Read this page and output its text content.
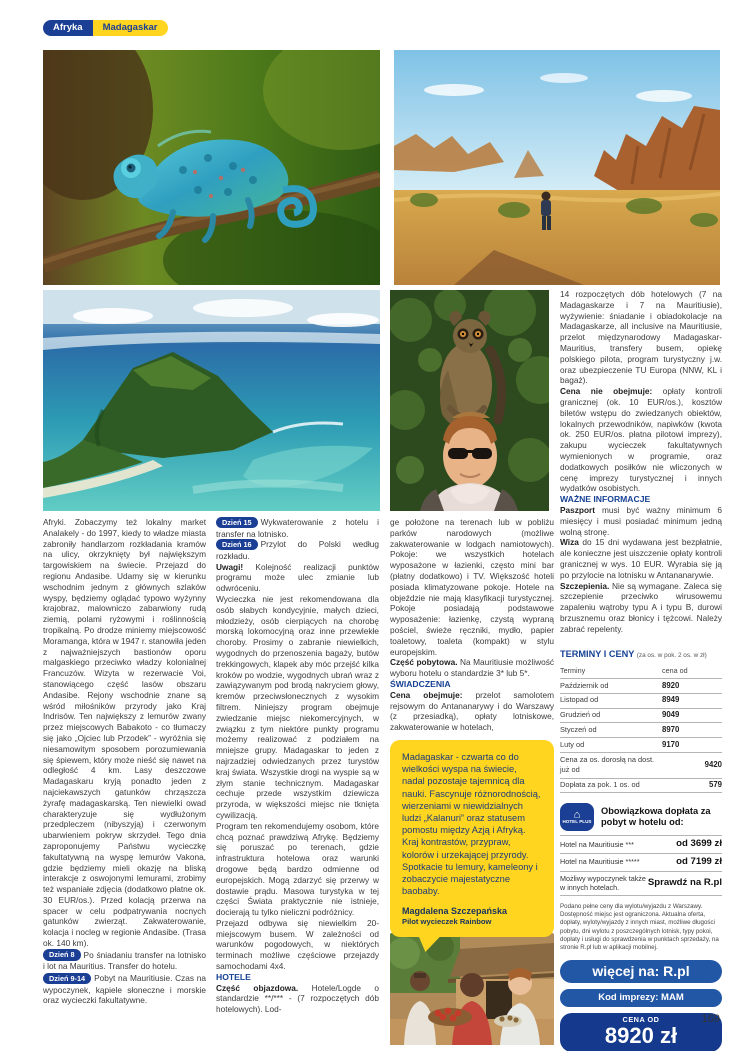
Afryka	Madagaskar

Afryki. Zobaczymy też lokalny market Analakely - do 1997, kiedy to władze miasta zabroniły handlarzom rozkładania kramów na ulicy, okrzyknięty był największym targowiskiem na świecie. Przejazd do regionu Andasibe. Udamy się w kierunku wschodnim jednym z głównych szlaków wyspy, będziemy oglądać typowo wyżynny krajobraz, malowniczo zabarwiony rudą ziemią, polami ryżowymi i roślinnością tropikalną. Po drodze miniemy miejscowość Moramanga, która w 1947 r. stanowiła jeden z najważniejszych bastionów oporu malgaskiego przeciwko władzy kolonialnej Francuzów. Wizyta w rezerwacie Voi, stanowiącego część lasów obszaru Andasibe. Rejony wschodnie znane są wśród miłośników przyrody jako Kraj Indrisów. Ten największy z lemurów zwany przez miejscowych Babakoto - co tłumaczy się jako „Ojciec lub Przodek” - wyróżnia się niesamowitym sposobem porozumiewania się śpiewem, który może nieść się nawet na odległość 4 km. Lasy deszczowe Madagaskaru kryją ponadto jeden z najciekawszych gatunków chrząszcza żyrafę madagaskarską. Ten niewielki owad charakteryzuje się wydłużonym przedpleczem (nibyszyją) i czerwonym ubarwieniem pokryw skrzydeł. Tego dnia zaproponujemy Państwu wycieczkę fakultatywną na wyspę lemurów Vakona, gdzie będziemy mieli okazję na bliską interakcje z oswojonymi lemurami, zrobimy też wspaniałe zdjęcia (dodatkowo płatne ok. 30 EUR/os.). Przed kolacją przerwa na spacer w celu podpatrywania nocnych gatunków zwierząt. Zakwaterowanie, kolacja i nocleg w regionie Andasibe. (Trasa ok. 140 km).

Dzień 8 Po śniadaniu transfer na lotnisko i lot na Mauritius. Transfer do hotelu.

Dzień 9-14 Pobyt na Mauritiusie. Czas na wypoczynek, kąpiele słoneczne i morskie oraz wycieczki fakultatywne.

Dzień 15 Wykwaterowanie z hotelu i transfer na lotnisko.

Dzień 16 Przylot do Polski według rozkładu.

Uwagi! Kolejność realizacji punktów programu może ulec zmianie lub odwróceniu.

Wycieczka nie jest rekomendowana dla osób słabych kondycyjnie, małych dzieci, młodzieży, osób cierpiących na chorobę morską lokomocyjną oraz inne przewlekłe choroby. Prosimy o zabranie niewielkich, wygodnych do przenoszenia bagaży, butów trekkingowych, klapek aby móc przejść kilka kroków po wodzie, wygodnych ubrań wraz z zawiązywanym pod brodą nakryciem głowy, kremów przeciwsłonecznych z wysokim filtrem. Niniejszy program obejmuje zwiedzanie miejsc niekomercyjnych, w związku z tym niektóre punkty programu możemy realizować z podziałem na mniejsze grupy. Madagaskar to jeden z najrzadziej odwiedzanych przez turystów kraj świata. Wszystkie drogi na wyspie są w złym stanie technicznym. Madagaskar cechuje przede wszystkim dziewicza przyroda, w większości miejsc nie tknięta cywilizacją.

Program ten rekomendujemy osobom, które chcą poznać prawdziwą Afrykę. Będziemy się poruszać po terenach, gdzie infrastruktura hotelowa oraz warunki drogowe będą bardzo odmienne od europejskich. Mogą zdarzyć się przerwy w dostawie prądu. Masowa turystyka w tej części Świata praktycznie nie istnieje, docierają tu tylko nieliczni podróżnicy.

Przejazd odbywa się niewielkim 20-miejscowym busem. W zależności od warunków pogodowych, w niektórych terminach możliwe częściowe przejazdy samochodami 4x4.

HOTELE

Część objazdowa. Hotele/Logde o standardzie **/*** - (7 rozpoczętych dób hotelowych). Lod-

ge położone na terenach lub w pobliżu parków narodowych (możliwe zakwaterowanie w lodgach namiotowych). Pokoje: we wszystkich hotelach wyposażone w łazienki, często mini bar (płatny dodatkowo) i TV. Większość hoteli posiada klimatyzowane pokoje. Hotele na objeździe nie mają klasyfikacji turystycznej. Pokoje posiadają podstawowe wyposażenie: łazienkę, czystą wypraną pościel, świeże ręczniki, mydło, papier toaletowy, toaleta (kompakt) w stylu europejskim.

Część pobytowa. Na Mauritiusie możliwość wyboru hotelu o standardzie 3* lub 5*.

ŚWIADCZENIA

Cena obejmuje: przelot samolotem rejsowym do Antananarywy i do Warszawy (z przesiadką), opłaty lotniskowe, zakwaterowanie w hotelach,

Madagaskar - czwarta co do wielkości wyspa na świecie, nadal pozostaje tajemnicą dla nauki. Fascynuje różnorodnością, wierzeniami w niewidzialnych ludzi „Kalanuri” oraz statusem pomostu między Azją i Afryką. Kraj kontrastów, przypraw, kolorów i urzekającej przyrody. Spotkacie tu lemury, kameleony i zobaczycie majestatyczne baobaby.
Magdalena Szczepańska
Pilot wycieczek Rainbow

14 rozpoczętych dób hotelowych (7 na Madagaskarze i 7 na Mauritiusie), wyżywienie: śniadanie i obiadokolacje na Madagaskarze, all inclusive na Mauritiusie, przelot międzynarodowy Madagaskar-Mauritius, transfery busem, opiekę polskiego pilota, program turystyczny j.w. oraz ubezpieczenie TU Europa (NNW, KL i bagaż).

Cena nie obejmuje: opłaty kontroli granicznej (ok. 10 EUR/os.), kosztów biletów wstępu do zwiedzanych obiektów, lokalnych przewodników, napiwków (kwota ok. 250 EUR/os. płatna pilotowi imprezy), zakupu wycieczek fakultatywnych wymienionych w programie, oraz dodatkowych posiłków nie wliczonych w cenę imprezy turystycznej i innych wydatków osobistych.

WAŻNE INFORMACJE

Paszport musi być ważny minimum 6 miesięcy i musi posiadać minimum jedną wolną stronę.

Wiza do 15 dni wydawana jest bezpłatnie, ale konieczne jest uiszczenie opłaty kontroli granicznej w wys. 10 EUR. Wyrabia się ją po przylocie na lotnisku w Antananarywie.

Szczepienia. Nie są wymagane. Zaleca się szczepienie przeciwko wirusowemu zapaleniu wątroby typu A i typu B, durowi brzusznemu oraz błonicy i tężcowi. Należy zabrać repelenty.

TERMINY I CENY (za os. w pok. 2 os. w zł)
Terminy	cena od
Październik od	8920
Listopad od	8949
Grudzień od	9049
Styczeń od	8970
Luty od	9170
Cena za os. dorosłą na dost. już od	9420
Dopłata za pok. 1 os. od	579
⌂
HOTEL PLUS
Obowiązkowa dopłata za pobyt w hotelu od:
Hotel na Mauritiusie ***	od 3699 zł
Hotel na Mauritiusie *****	od 7199 zł
Możliwy wypoczynek także w innych hotelach.	Sprawdź na R.pl
Podano pełne ceny dla wylotu/wyjazdu z Warszawy. Dostępność miejsc jest ograniczona. Aktualna oferta, dopłaty, wyloty/wyjazdy z innych miast, możliwe długości pobytu, dni wylotu z poszczególnych lotnisk, typy pokoi, dopłaty i usługi do sprawdzenia w punktach sprzedaży, na stronie R.pl lub w aplikacji mobilnej.
więcej na: R.pl
Kod imprezy: MAM
CENA OD
8920 zł
169
